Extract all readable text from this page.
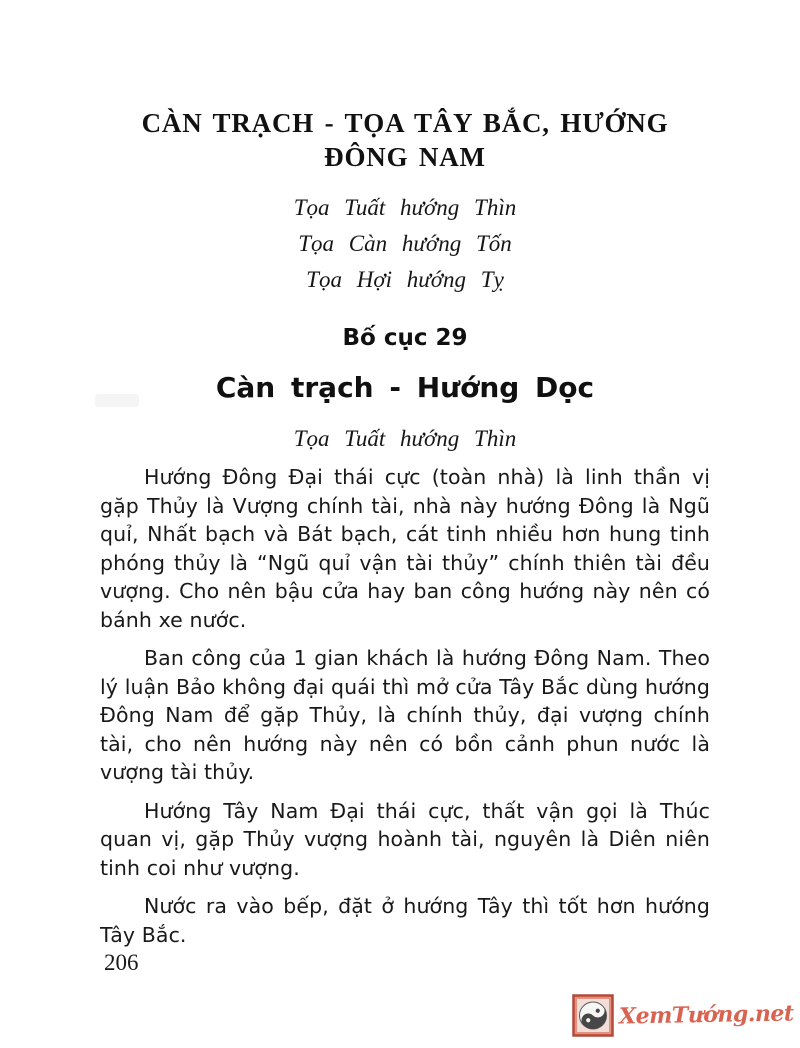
CÀN TRẠCH - TỌA TÂY BẮC, HƯỚNG
ĐÔNG NAM
Tọa Tuất hướng Thìn
Tọa Càn hướng Tốn
Tọa Hợi hướng Tỵ
Bố cục 29
Càn trạch - Hướng Dọc
Tọa Tuất hướng Thìn

Hướng Đông Đại thái cực (toàn nhà) là linh thần vị gặp Thủy là Vượng chính tài, nhà này hướng Đông là Ngũ quỉ, Nhất bạch và Bát bạch, cát tinh nhiều hơn hung tinh phóng thủy là “Ngũ quỉ vận tài thủy” chính thiên tài đều vượng. Cho nên bậu cửa hay ban công hướng này nên có bánh xe nước.

Ban công của 1 gian khách là hướng Đông Nam. Theo lý luận Bảo không đại quái thì mở cửa Tây Bắc dùng hướng Đông Nam để gặp Thủy, là chính thủy, đại vượng chính tài, cho nên hướng này nên có bồn cảnh phun nước là vượng tài thủy.

Hướng Tây Nam Đại thái cực, thất vận gọi là Thúc quan vị, gặp Thủy vượng hoành tài, nguyên là Diên niên tinh coi như vượng.

Nước ra vào bếp, đặt ở hướng Tây thì tốt hơn hướng Tây Bắc.

206
XemTướng.net
